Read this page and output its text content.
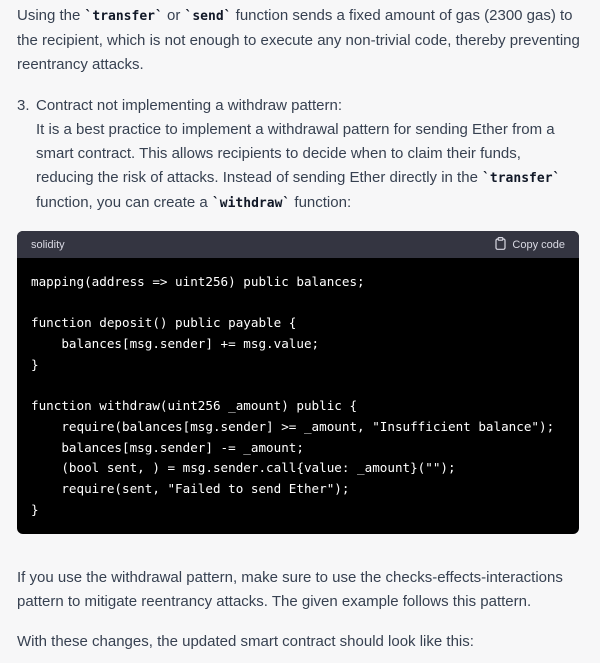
Using the `transfer` or `send` function sends a fixed amount of gas (2300 gas) to the recipient, which is not enough to execute any non-trivial code, thereby preventing reentrancy attacks.

3. Contract not implementing a withdraw pattern:
It is a best practice to implement a withdrawal pattern for sending Ether from a smart contract. This allows recipients to decide when to claim their funds, reducing the risk of attacks. Instead of sending Ether directly in the `transfer` function, you can create a `withdraw` function:
solidity	Copy code
mapping(address => uint256) public balances;

function deposit() public payable {
balances[msg.sender] += msg.value;
}

function withdraw(uint256 _amount) public {
require(balances[msg.sender] >= _amount, "Insufficient balance");
balances[msg.sender] -= _amount;
(bool sent, ) = msg.sender.call{value: _amount}("");
require(sent, "Failed to send Ether");
}

If you use the withdrawal pattern, make sure to use the checks-effects-interactions pattern to mitigate reentrancy attacks. The given example follows this pattern.

With these changes, the updated smart contract should look like this:
